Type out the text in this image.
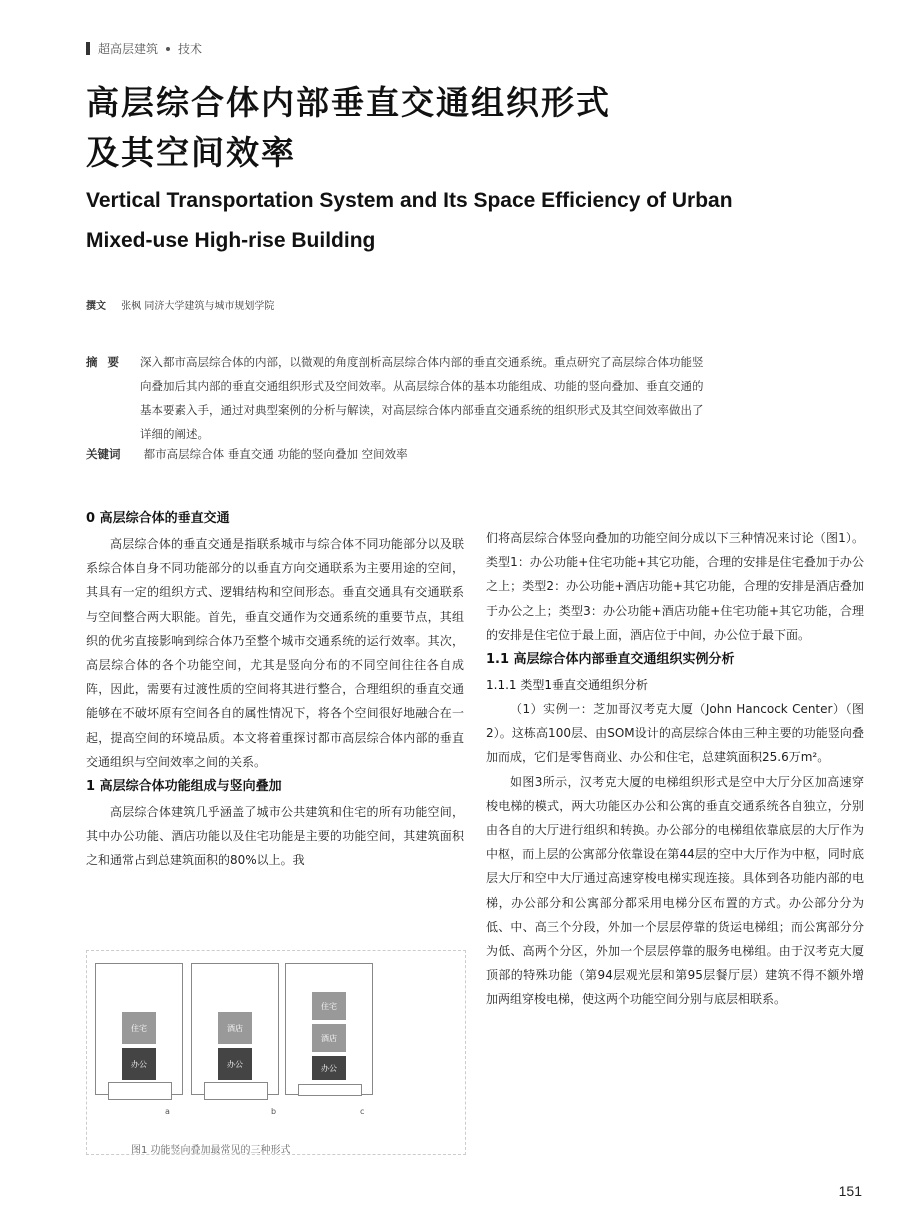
超高层建筑 技术
高层综合体内部垂直交通组织形式
及其空间效率
Vertical Transportation System and Its Space Efficiency of Urban
Mixed-use High-rise Building
撰文 张枫 同济大学建筑与城市规划学院
摘要 深入都市高层综合体的内部，以微观的角度剖析高层综合体内部的垂直交通系统。重点研究了高层综合体功能竖向叠加后其内部的垂直交通组织形式及空间效率。从高层综合体的基本功能组成、功能的竖向叠加、垂直交通的基本要素入手，通过对典型案例的分析与解读，对高层综合体内部垂直交通系统的组织形式及其空间效率做出了详细的阐述。
关键词 都市高层综合体 垂直交通 功能的竖向叠加 空间效率
0 高层综合体的垂直交通

高层综合体的垂直交通是指联系城市与综合体不同功能部分以及联系综合体自身不同功能部分的以垂直方向交通联系为主要用途的空间，其具有一定的组织方式、逻辑结构和空间形态。垂直交通具有交通联系与空间整合两大职能。首先，垂直交通作为交通系统的重要节点，其组织的优劣直接影响到综合体乃至整个城市交通系统的运行效率。其次，高层综合体的各个功能空间，尤其是竖向分布的不同空间往往各自成阵，因此，需要有过渡性质的空间将其进行整合，合理组织的垂直交通能够在不破坏原有空间各自的属性情况下，将各个空间很好地融合在一起，提高空间的环境品质。本文将着重探讨都市高层综合体内部的垂直交通组织与空间效率之间的关系。

1 高层综合体功能组成与竖向叠加

高层综合体建筑几乎涵盖了城市公共建筑和住宅的所有功能空间，其中办公功能、酒店功能以及住宅功能是主要的功能空间，其建筑面积之和通常占到总建筑面积的80%以上。我

住宅
办公
a
酒店
办公
b
住宅
酒店
办公
c
图1 功能竖向叠加最常见的三种形式

们将高层综合体竖向叠加的功能空间分成以下三种情况来讨论（图1）。类型1：办公功能+住宅功能+其它功能，合理的安排是住宅叠加于办公之上；类型2：办公功能+酒店功能+其它功能，合理的安排是酒店叠加于办公之上；类型3：办公功能+酒店功能+住宅功能+其它功能，合理的安排是住宅位于最上面，酒店位于中间，办公位于最下面。

1.1 高层综合体内部垂直交通组织实例分析
1.1.1 类型1垂直交通组织分析

（1）实例一：芝加哥汉考克大厦（John Hancock Center）（图2）。这栋高100层、由SOM设计的高层综合体由三种主要的功能竖向叠加而成，它们是零售商业、办公和住宅，总建筑面积25.6万m²。

如图3所示，汉考克大厦的电梯组织形式是空中大厅分区加高速穿梭电梯的模式，两大功能区办公和公寓的垂直交通系统各自独立，分别由各自的大厅进行组织和转换。办公部分的电梯组依靠底层的大厅作为中枢，而上层的公寓部分依靠设在第44层的空中大厅作为中枢，同时底层大厅和空中大厅通过高速穿梭电梯实现连接。具体到各功能内部的电梯，办公部分和公寓部分都采用电梯分区布置的方式。办公部分分为低、中、高三个分段，外加一个层层停靠的货运电梯组；而公寓部分分为低、高两个分区，外加一个层层停靠的服务电梯组。由于汉考克大厦顶部的特殊功能（第94层观光层和第95层餐厅层）建筑不得不额外增加两组穿梭电梯，使这两个功能空间分别与底层相联系。

151
